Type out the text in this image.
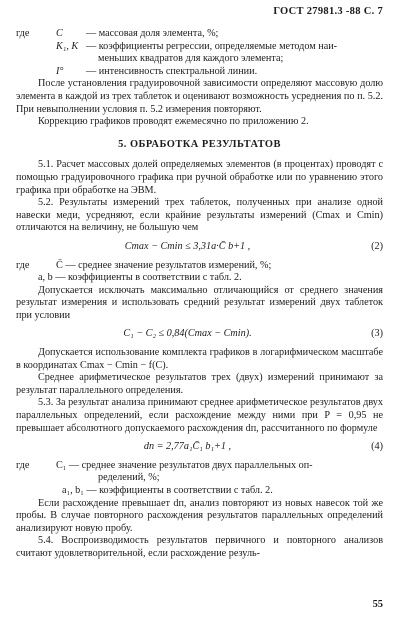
ГОСТ 27981.3 -88 С. 7
где	С	— массовая доля элемента, %;
K₁, K — коэффициенты регрессии, определяемые методом наи-
меньших квадратов для каждого элемента;
I°	— интенсивность спектральной линии.

После установления градуировочной зависимости определяют массовую долю элемента в каждой из трех таблеток и оценивают возможность усреднения по п. 5.2. При невыполнении условия п. 5.2 измерения повторяют.

Коррекцию графиков проводят ежемесячно по приложению 2.

5. ОБРАБОТКА РЕЗУЛЬТАТОВ

5.1. Расчет массовых долей определяемых элементов (в процентах) проводят с помощью градуировочного графика при ручной обработке или по уравнению этого графика при обработке на ЭВМ.

5.2. Результаты измерений трех таблеток, полученных при анализе одной навески меди, усредняют, если крайние результаты измерений (Cmax и Cmin) отличаются на величину, не большую чем

Cmax − Cmin ≤ 3,31a·C̄ b+1 ,	(2)
где	C̄ — среднее значение результатов измерений, %;
a, b — коэффициенты в соответствии с табл. 2.

Допускается исключать максимально отличающийся от среднего значения результат измерения и использовать средний результат измерений двух таблеток при условии

C₁ − C₂ ≤ 0,84(Cmax − Cmin).	(3)

Допускается использование комплекта графиков в логарифмическом масштабе в координатах Cmax − Cmin − f(C).

Среднее арифметическое результатов трех (двух) измерений принимают за результат параллельного определения.

5.3. За результат анализа принимают среднее арифметическое результатов двух параллельных определений, если расхождение между ними при P = 0,95 не превышает абсолютного допускаемого расхождения dп, рассчитанного по формуле

dп = 2,77a₁C̄₁ b₁+1 ,	(4)
где	C₁ — среднее значение результатов двух параллельных оп-
ределений, %;
a₁, b₁ — коэффициенты в соответствии с табл. 2.

Если расхождение превышает dп, анализ повторяют из новых навесок той же пробы. В случае повторного расхождения результатов параллельных определений анализируют новую пробу.

5.4. Воспроизводимость результатов первичного и повторного анализов считают удовлетворительной, если расхождение резуль-

55
